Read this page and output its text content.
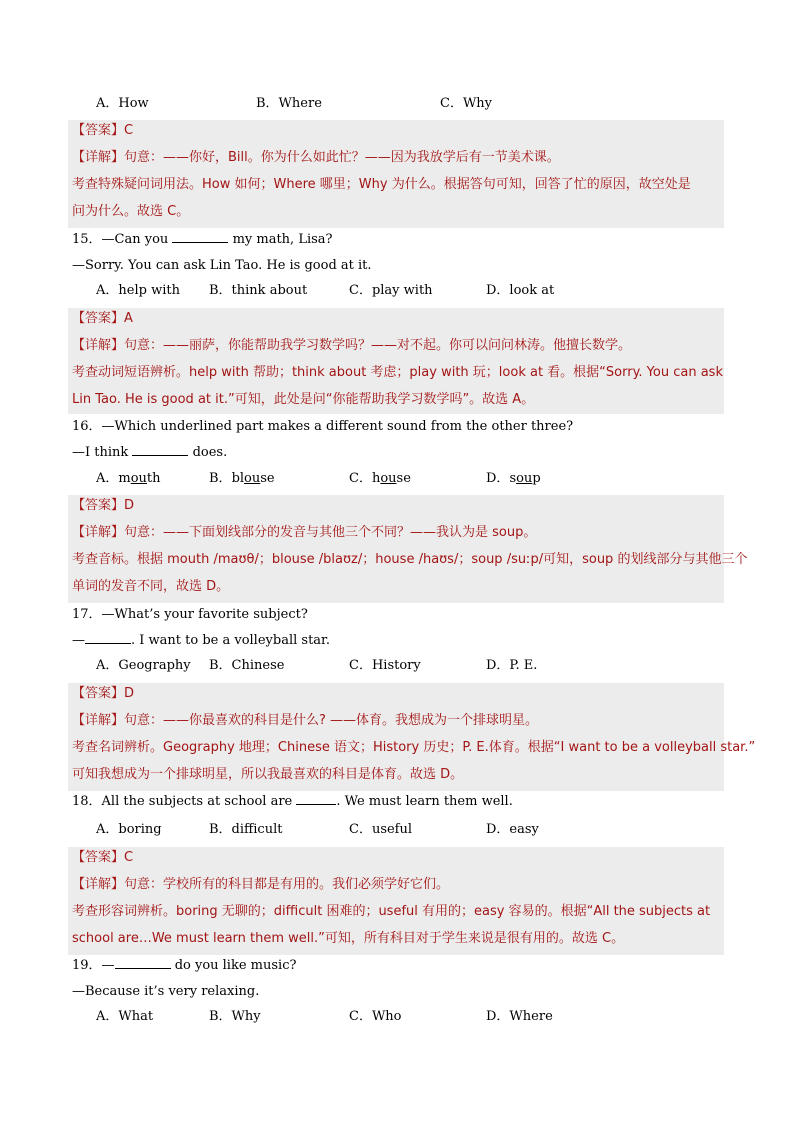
A．How	B．Where	C．Why
【答案】C
【详解】句意：——你好，Bill。你为什么如此忙？——因为我放学后有一节美术课。
考查特殊疑问词用法。How 如何；Where 哪里；Why 为什么。根据答句可知，回答了忙的原因，故空处是
问为什么。故选 C。
15．—Can you	my math, Lisa?
—Sorry. You can ask Lin Tao. He is good at it.
A．help with B．think about	C．play with	D．look at
【答案】A
【详解】句意：——丽萨，你能帮助我学习数学吗？——对不起。你可以问问林涛。他擅长数学。
考查动词短语辨析。help with 帮助；think about 考虑；play with 玩；look at 看。根据“Sorry. You can ask
Lin Tao. He is good at it.”可知，此处是问“你能帮助我学习数学吗”。故选 A。
16．—Which underlined part makes a different sound from the other three?
—I think	does.
A．mouth	B．blouse	C．house	D．soup
【答案】D
【详解】句意：——下面划线部分的发音与其他三个不同？——我认为是 soup。
考查音标。根据 mouth /maʊθ/；blouse /blaʊz/；house /haʊs/；soup /suːp/可知，soup 的划线部分与其他三个
单词的发音不同，故选 D。
17．—What’s your favorite subject?
—	. I want to be a volleyball star.
A．Geography B．Chinese	C．History	D．P. E.
【答案】D
【详解】句意：——你最喜欢的科目是什么? ——体育。我想成为一个排球明星。
考查名词辨析。Geography 地理；Chinese 语文；History 历史；P. E.体育。根据“I want to be a volleyball star.”
可知我想成为一个排球明星，所以我最喜欢的科目是体育。故选 D。
18．All the subjects at school are	. We must learn them well.
A．boring	B．difficult	C．useful	D．easy
【答案】C
【详解】句意：学校所有的科目都是有用的。我们必须学好它们。
考查形容词辨析。boring 无聊的；difficult 困难的；useful 有用的；easy 容易的。根据“All the subjects at
school are…We must learn them well.”可知，所有科目对于学生来说是很有用的。故选 C。
19．—	do you like music?
—Because it’s very relaxing.
A．What	B．Why	C．Who	D．Where
